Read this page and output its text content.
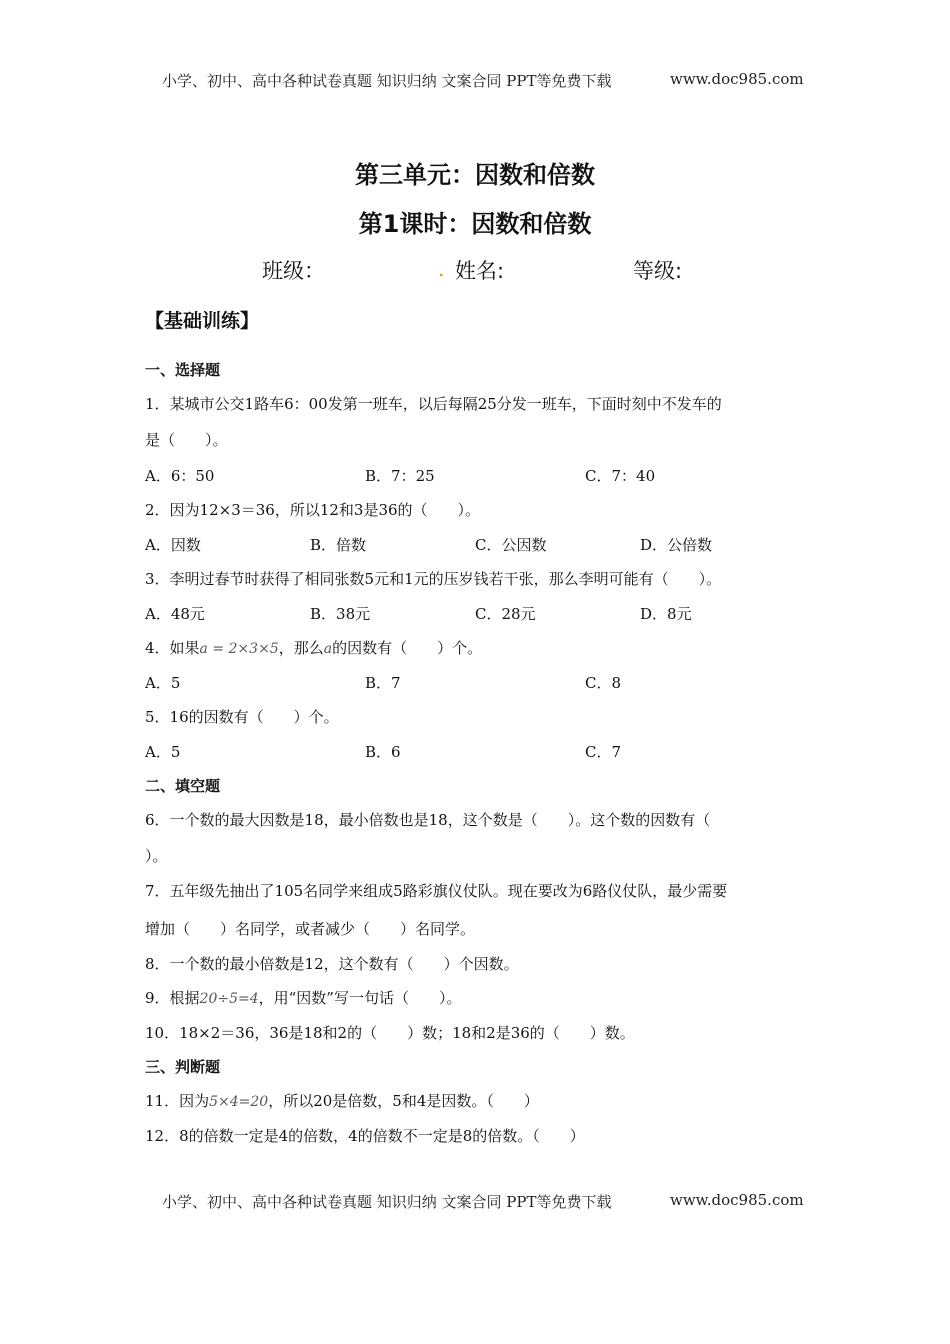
小学、初中、高中各种试卷真题 知识归纳 文案合同 PPT等免费下载	www.doc985.com
第三单元：因数和倍数
第1课时：因数和倍数
班级：	. 姓名:	等级:
【基础训练】
一、选择题
1．某城市公交1路车6：00发第一班车，以后每隔25分发一班车，下面时刻中不发车的
是（　　）。
A．6：50	B．7：25	C．7：40
2．因为12×3＝36，所以12和3是36的（　　）。
A．因数	B．倍数	C．公因数	D．公倍数
3．李明过春节时获得了相同张数5元和1元的压岁钱若干张，那么李明可能有（　　）。
A．48元	B．38元	C．28元	D．8元
4．如果a = 2×3×5，那么a的因数有（　　）个。
A．5	B．7	C．8
5．16的因数有（　　）个。
A．5	B．6	C．7
二、填空题
6．一个数的最大因数是18，最小倍数也是18，这个数是（　　）。这个数的因数有（
）。
7．五年级先抽出了105名同学来组成5路彩旗仪仗队。现在要改为6路仪仗队，最少需要
增加（　　）名同学，或者减少（　　）名同学。
8．一个数的最小倍数是12，这个数有（　　）个因数。
9．根据20÷5=4，用“因数”写一句话（　　）。
10．18×2＝36，36是18和2的（　　）数；18和2是36的（　　）数。
三、判断题
11．因为5×4=20，所以20是倍数，5和4是因数。（　　）
12．8的倍数一定是4的倍数，4的倍数不一定是8的倍数。（　　）
小学、初中、高中各种试卷真题 知识归纳 文案合同 PPT等免费下载	www.doc985.com
